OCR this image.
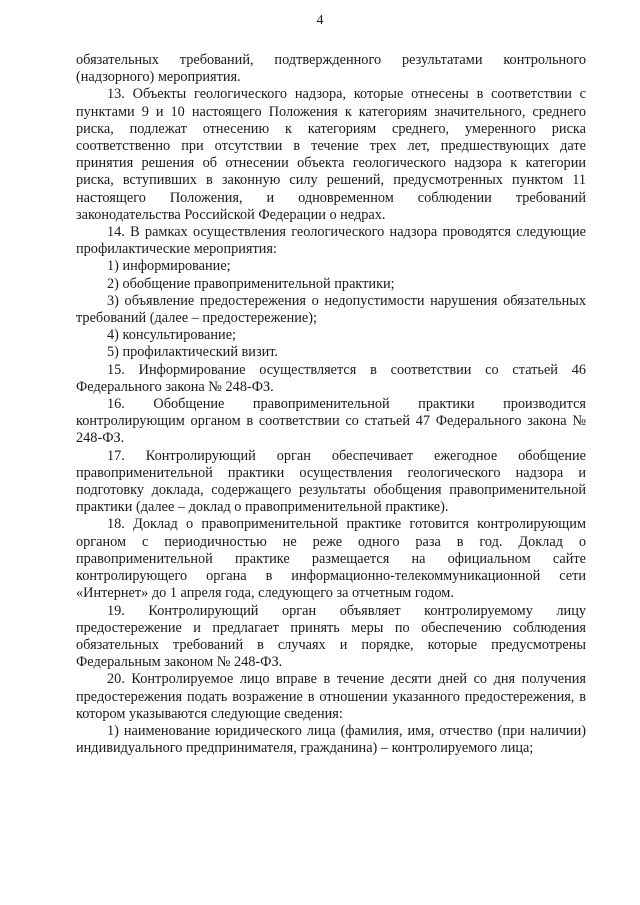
4

обязательных требований, подтвержденного результатами контрольного (надзорного) мероприятия.

13. Объекты геологического надзора, которые отнесены в соответствии с пунктами 9 и 10 настоящего Положения к категориям значительного, среднего риска, подлежат отнесению к категориям среднего, умеренного риска соответственно при отсутствии в течение трех лет, предшествующих дате принятия решения об отнесении объекта геологического надзора к категории риска, вступивших в законную силу решений, предусмотренных пунктом 11 настоящего Положения, и одновременном соблюдении требований законодательства Российской Федерации о недрах.

14. В рамках осуществления геологического надзора проводятся следующие профилактические мероприятия:

1) информирование;

2) обобщение правоприменительной практики;

3) объявление предостережения о недопустимости нарушения обязательных требований (далее – предостережение);

4) консультирование;

5) профилактический визит.

15. Информирование осуществляется в соответствии со статьей 46 Федерального закона № 248-ФЗ.

16. Обобщение правоприменительной практики производится контролирующим органом в соответствии со статьей 47 Федерального закона № 248-ФЗ.

17. Контролирующий орган обеспечивает ежегодное обобщение правоприменительной практики осуществления геологического надзора и подготовку доклада, содержащего результаты обобщения правоприменительной практики (далее – доклад о правоприменительной практике).

18. Доклад о правоприменительной практике готовится контролирующим органом с периодичностью не реже одного раза в год. Доклад о правоприменительной практике размещается на официальном сайте контролирующего органа в информационно-телекоммуникационной сети «Интернет» до 1 апреля года, следующего за отчетным годом.

19. Контролирующий орган объявляет контролируемому лицу предостережение и предлагает принять меры по обеспечению соблюдения обязательных требований в случаях и порядке, которые предусмотрены Федеральным законом № 248-ФЗ.

20. Контролируемое лицо вправе в течение десяти дней со дня получения предостережения подать возражение в отношении указанного предостережения, в котором указываются следующие сведения:

1) наименование юридического лица (фамилия, имя, отчество (при наличии) индивидуального предпринимателя, гражданина) – контролируемого лица;
